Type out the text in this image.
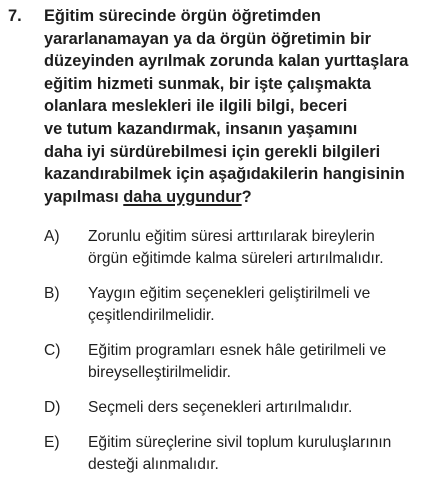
7. Eğitim sürecinde örgün öğretimden
yararlanamayan ya da örgün öğretimin bir
düzeyinden ayrılmak zorunda kalan yurttaşlara
eğitim hizmeti sunmak, bir işte çalışmakta
olanlara meslekleri ile ilgili bilgi, beceri
ve tutum kazandırmak, insanın yaşamını
daha iyi sürdürebilmesi için gerekli bilgileri
kazandırabilmek için aşağıdakilerin hangisinin
yapılması daha uygundur?
A) Zorunlu eğitim süresi arttırılarak bireylerin
örgün eğitimde kalma süreleri artırılmalıdır.
B) Yaygın eğitim seçenekleri geliştirilmeli ve
çeşitlendirilmelidir.
C) Eğitim programları esnek hâle getirilmeli ve
bireyselleştirilmelidir.
D) Seçmeli ders seçenekleri artırılmalıdır.
E) Eğitim süreçlerine sivil toplum kuruluşlarının
desteği alınmalıdır.
